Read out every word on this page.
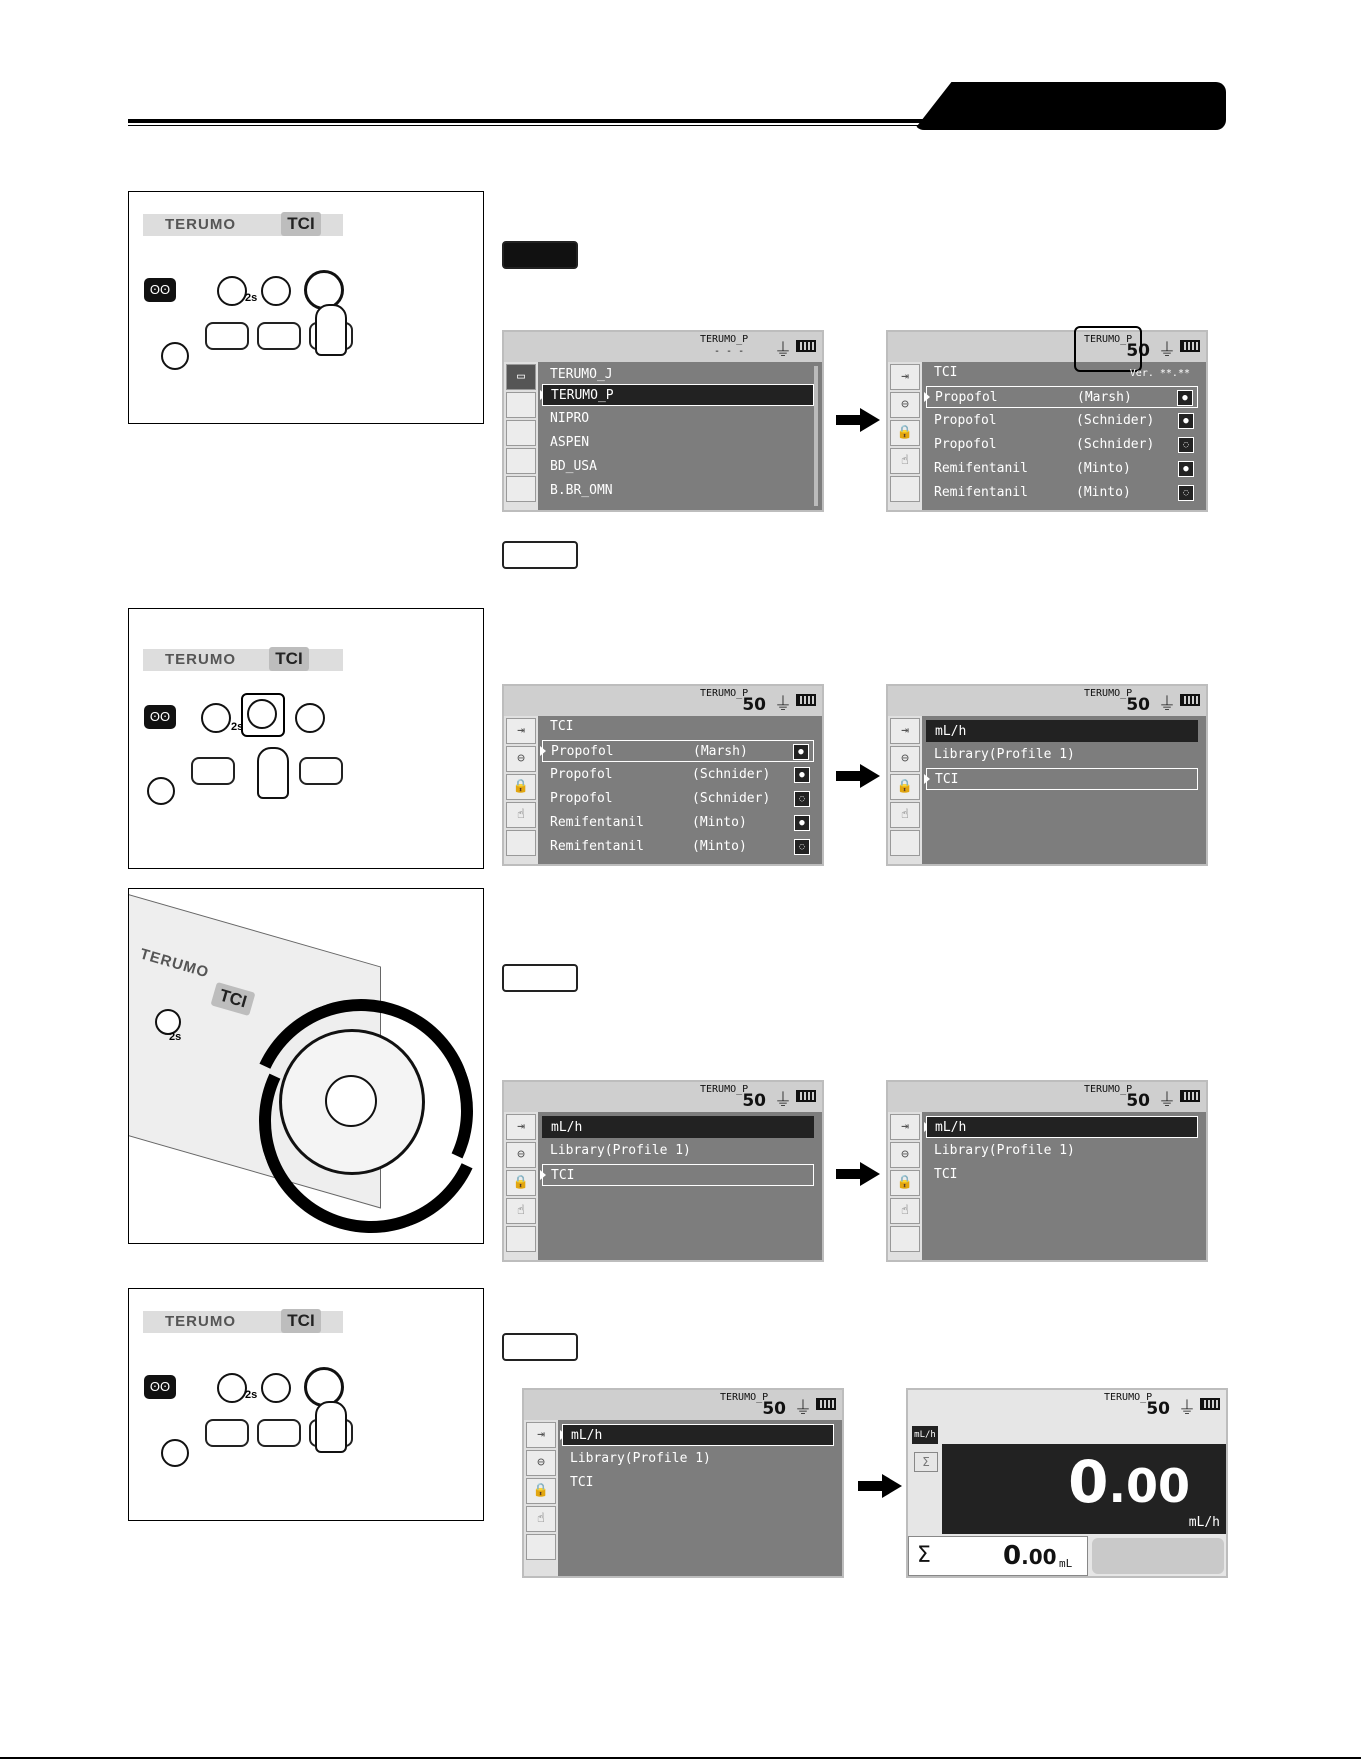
TERUMO	TCI
ʘʘ
2s
TERUMO_P
- - - ⏚
▭	TERUMO_J
TERUMO_P
NIPRO
ASPEN
BD_USA
B.BR_OMN
TERUMO_P
50 ⏚
⇥
⊖
🔒
☝
TCI	Ver. **.**
Propofol	(Marsh)	●
Propofol	(Schnider)	●
Propofol	(Schnider)	◌
Remifentanil	(Minto)	●
Remifentanil	(Minto)	◌
TERUMO	TCI
ʘʘ
2s
TERUMO_P
50 ⏚
⇥
⊖
🔒
☝
TCI
Propofol	(Marsh)	●
Propofol	(Schnider)	●
Propofol	(Schnider)	◌
Remifentanil	(Minto)	●
Remifentanil	(Minto)	◌
TERUMO_P
50 ⏚
⇥
⊖
🔒
☝
mL/h
Library(Profile 1)
TCI
TERUMO
TCI
2s
TERUMO_P
50 ⏚
⇥
⊖
🔒
☝
mL/h
Library(Profile 1)
TCI
TERUMO_P
50 ⏚
⇥
⊖
🔒
☝
mL/h
Library(Profile 1)
TCI
TERUMO	TCI
ʘʘ
2s	TERUMO_P
50 ⏚
⇥
⊖
🔒
☝
mL/h
Library(Profile 1)
TCI
TERUMO_P
50 ⏚
mL/h
Σ 0.00
mL/h
Σ	0.00 mL
